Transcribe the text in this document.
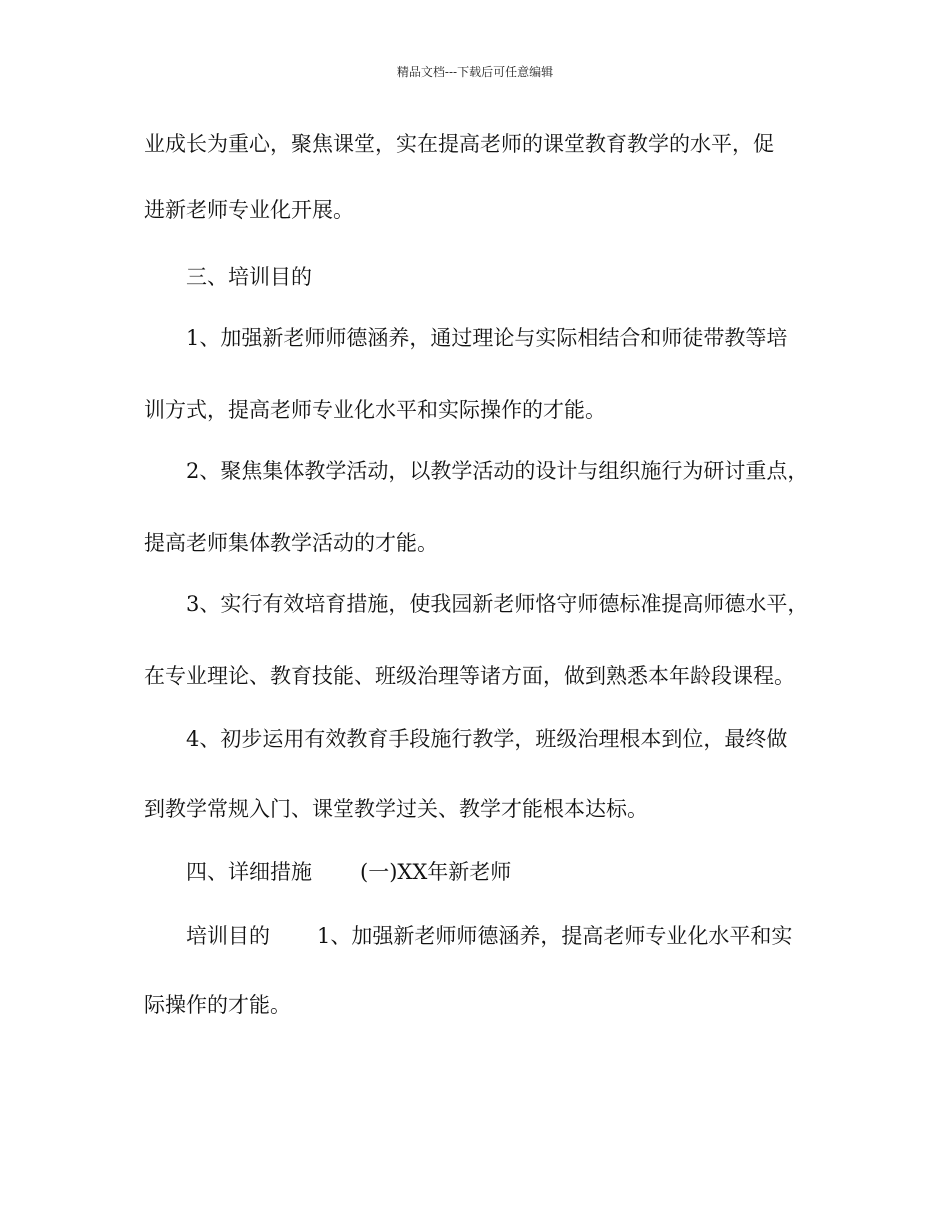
精品文档---下载后可任意编辑
业成长为重心，聚焦课堂，实在提高老师的课堂教育教学的水平，促
进新老师专业化开展。
三、培训目的
1、加强新老师师德涵养，通过理论与实际相结合和师徒带教等培
训方式，提高老师专业化水平和实际操作的才能。
2、聚焦集体教学活动，以教学活动的设计与组织施行为研讨重点，
提高老师集体教学活动的才能。
3、实行有效培育措施，使我园新老师恪守师德标准提高师德水平，
在专业理论、教育技能、班级治理等诸方面，做到熟悉本年龄段课程。
4、初步运用有效教育手段施行教学，班级治理根本到位，最终做
到教学常规入门、课堂教学过关、教学才能根本达标。
四、详细措施 (一)XX年新老师
培训目的 1、加强新老师师德涵养，提高老师专业化水平和实
际操作的才能。
